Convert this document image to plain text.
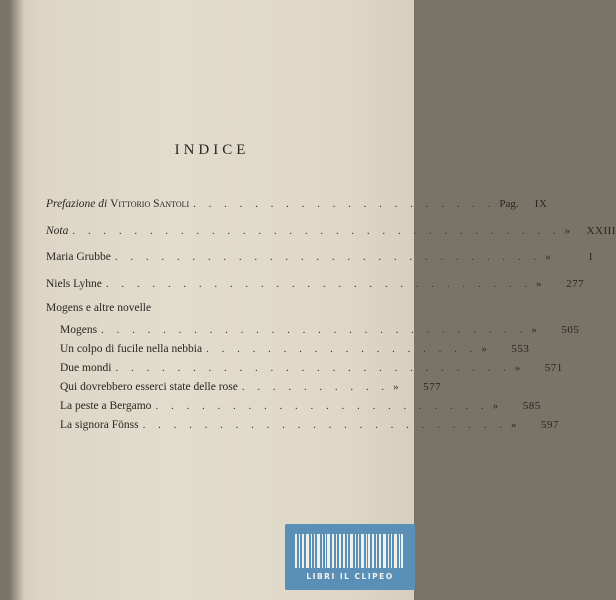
INDICE
Prefazione di Vittorio Santoli . . . . . . . . . . . . . . . . . . . . Pag.	IX
Nota . . . . . . . . . . . . . . . . . . . . . . . . . . . . . . . . »	XXIII
Maria Grubbe . . . . . . . . . . . . . . . . . . . . . . . . . . . . »	I
Niels Lyhne . . . . . . . . . . . . . . . . . . . . . . . . . . . . »	277
Mogens e altre novelle
Mogens . . . . . . . . . . . . . . . . . . . . . . . . . . . . »	505
Un colpo di fucile nella nebbia . . . . . . . . . . . . . . . . . . »	553
Due mondi . . . . . . . . . . . . . . . . . . . . . . . . . . »	571
Qui dovrebbero esserci state delle rose . . . . . . . . . . »	577
La peste a Bergamo . . . . . . . . . . . . . . . . . . . . . . »	585
La signora Fönss . . . . . . . . . . . . . . . . . . . . . . . . »	597
LIBRI IL CLIPEO
